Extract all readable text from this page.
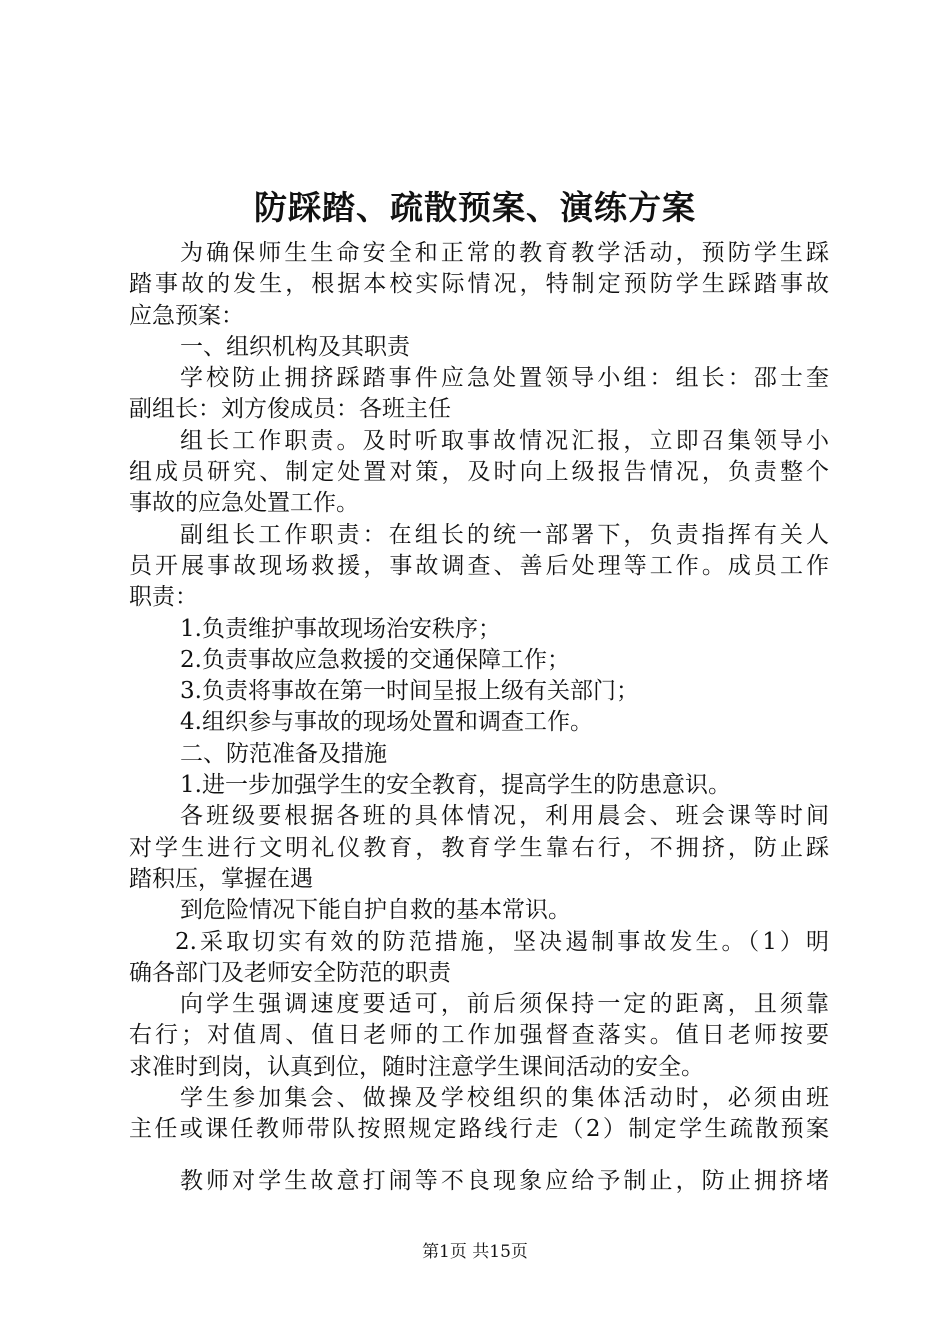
防踩踏、疏散预案、演练方案
为确保师生生命安全和正常的教育教学活动，预防学生踩
踏事故的发生，根据本校实际情况，特制定预防学生踩踏事故
应急预案：
一、组织机构及其职责
学校防止拥挤踩踏事件应急处置领导小组：组长：邵士奎
副组长：刘方俊成员：各班主任
组长工作职责。及时听取事故情况汇报，立即召集领导小
组成员研究、制定处置对策，及时向上级报告情况，负责整个
事故的应急处置工作。
副组长工作职责：在组长的统一部署下，负责指挥有关人
员开展事故现场救援，事故调查、善后处理等工作。成员工作
职责：
1.负责维护事故现场治安秩序；
2.负责事故应急救援的交通保障工作；
3.负责将事故在第一时间呈报上级有关部门；
4.组织参与事故的现场处置和调查工作。
二、防范准备及措施
1.进一步加强学生的安全教育，提高学生的防患意识。
各班级要根据各班的具体情况，利用晨会、班会课等时间
对学生进行文明礼仪教育，教育学生靠右行，不拥挤，防止踩
踏积压，掌握在遇
到危险情况下能自护自救的基本常识。
2.采取切实有效的防范措施，坚决遏制事故发生。（1）明
确各部门及老师安全防范的职责
向学生强调速度要适可，前后须保持一定的距离，且须靠
右行；对值周、值日老师的工作加强督查落实。值日老师按要
求准时到岗，认真到位，随时注意学生课间活动的安全。
学生参加集会、做操及学校组织的集体活动时，必须由班
主任或课任教师带队按照规定路线行走（2）制定学生疏散预案
教师对学生故意打闹等不良现象应给予制止，防止拥挤堵
第1页 共15页
